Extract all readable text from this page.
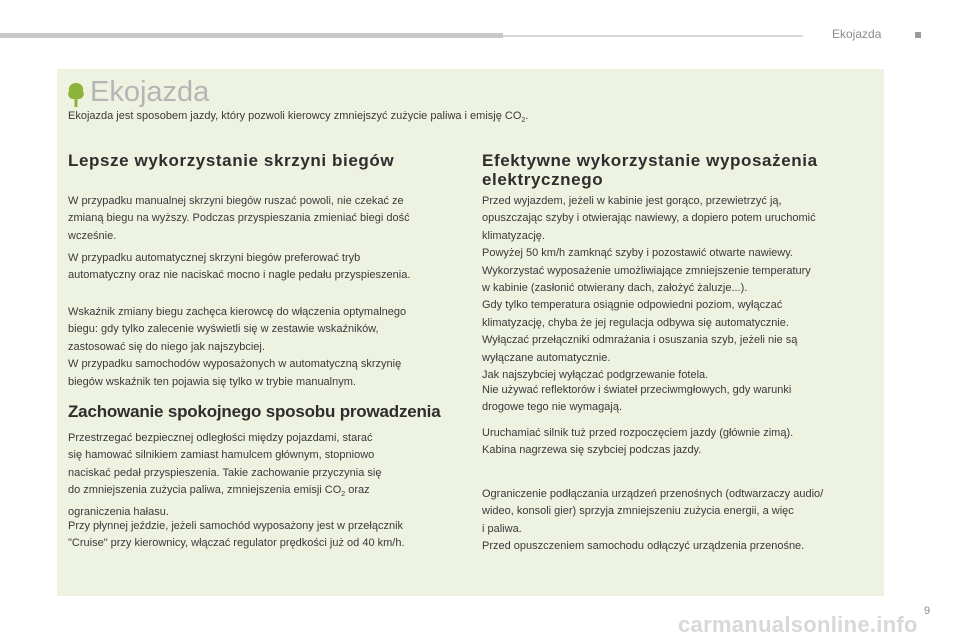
Ekojazda
Ekojazda
Ekojazda jest sposobem jazdy, który pozwoli kierowcy zmniejszyć zużycie paliwa i emisję $CO_2$.
Lepsze wykorzystanie skrzyni biegów

W przypadku manualnej skrzyni biegów ruszać powoli, nie czekać ze
zmianą biegu na wyższy. Podczas przyspieszania zmieniać biegi dość
wcześnie.

W przypadku automatycznej skrzyni biegów preferować tryb
automatyczny oraz nie naciskać mocno i nagle pedału przyspieszenia.

Wskaźnik zmiany biegu zachęca kierowcę do włączenia optymalnego
biegu: gdy tylko zalecenie wyświetli się w zestawie wskaźników,
zastosować się do niego jak najszybciej.
W przypadku samochodów wyposażonych w automatyczną skrzynię
biegów wskaźnik ten pojawia się tylko w trybie manualnym.

Zachowanie spokojnego sposobu prowadzenia

Przestrzegać bezpiecznej odległości między pojazdami, starać
się hamować silnikiem zamiast hamulcem głównym, stopniowo
naciskać pedał przyspieszenia. Takie zachowanie przyczynia się
do zmniejszenia zużycia paliwa, zmniejszenia emisji $CO_2$ oraz
ograniczenia hałasu.

Przy płynnej jeździe, jeżeli samochód wyposażony jest w przełącznik
"Cruise" przy kierownicy, włączać regulator prędkości już od 40 km/h.

Efektywne wykorzystanie wyposażenia
elektrycznego

Przed wyjazdem, jeżeli w kabinie jest gorąco, przewietrzyć ją,
opuszczając szyby i otwierając nawiewy, a dopiero potem uruchomić
klimatyzację.
Powyżej 50 km/h zamknąć szyby i pozostawić otwarte nawiewy.
Wykorzystać wyposażenie umożliwiające zmniejszenie temperatury
w kabinie (zasłonić otwierany dach, założyć żaluzje...).
Gdy tylko temperatura osiągnie odpowiedni poziom, wyłączać
klimatyzację, chyba że jej regulacja odbywa się automatycznie.
Wyłączać przełączniki odmrażania i osuszania szyb, jeżeli nie są
wyłączane automatycznie.
Jak najszybciej wyłączać podgrzewanie fotela.

Nie używać reflektorów i świateł przeciwmgłowych, gdy warunki
drogowe tego nie wymagają.

Uruchamiać silnik tuż przed rozpoczęciem jazdy (głównie zimą).
Kabina nagrzewa się szybciej podczas jazdy.

Ograniczenie podłączania urządzeń przenośnych (odtwarzaczy audio/
wideo, konsoli gier) sprzyja zmniejszeniu zużycia energii, a więc
i paliwa.
Przed opuszczeniem samochodu odłączyć urządzenia przenośne.

carmanualsonline.info
9
